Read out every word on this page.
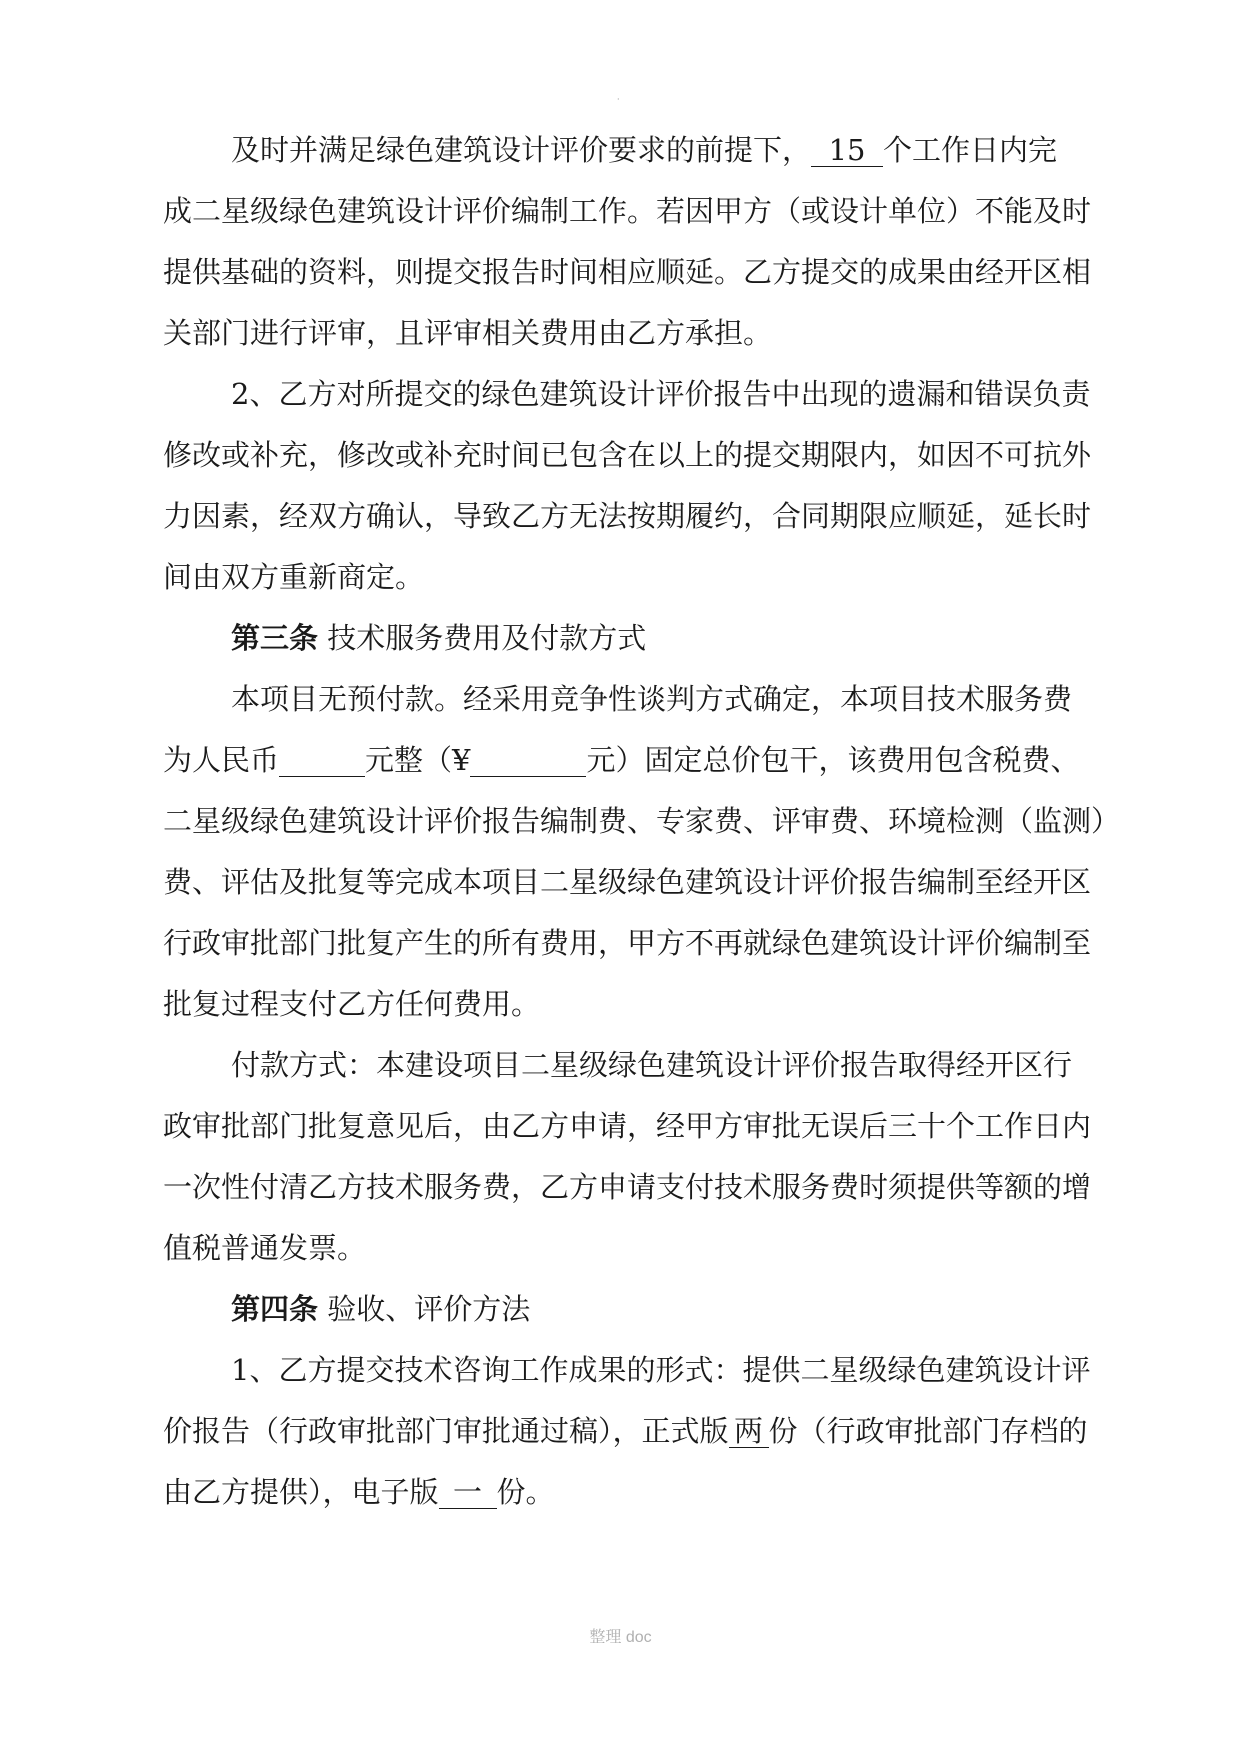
·
及时并满足绿色建筑设计评价要求的前提下， 15 个工作日内完
成二星级绿色建筑设计评价编制工作。若因甲方（或设计单位）不能及时
提供基础的资料，则提交报告时间相应顺延。乙方提交的成果由经开区相
关部门进行评审，且评审相关费用由乙方承担。
2、乙方对所提交的绿色建筑设计评价报告中出现的遗漏和错误负责
修改或补充，修改或补充时间已包含在以上的提交期限内，如因不可抗外
力因素，经双方确认，导致乙方无法按期履约，合同期限应顺延，延长时
间由双方重新商定。
第三条 技术服务费用及付款方式
本项目无预付款。经采用竞争性谈判方式确定，本项目技术服务费
为人民币	元整（¥	元）固定总价包干，该费用包含税费、
二星级绿色建筑设计评价报告编制费、专家费、评审费、环境检测（监测）
费、评估及批复等完成本项目二星级绿色建筑设计评价报告编制至经开区
行政审批部门批复产生的所有费用，甲方不再就绿色建筑设计评价编制至
批复过程支付乙方任何费用。
付款方式：本建设项目二星级绿色建筑设计评价报告取得经开区行
政审批部门批复意见后，由乙方申请，经甲方审批无误后三十个工作日内
一次性付清乙方技术服务费，乙方申请支付技术服务费时须提供等额的增
值税普通发票。
第四条 验收、评价方法
1、乙方提交技术咨询工作成果的形式：提供二星级绿色建筑设计评
价报告（行政审批部门审批通过稿），正式版 两 份（行政审批部门存档的
由乙方提供），电子版 一 份。
整理 doc
